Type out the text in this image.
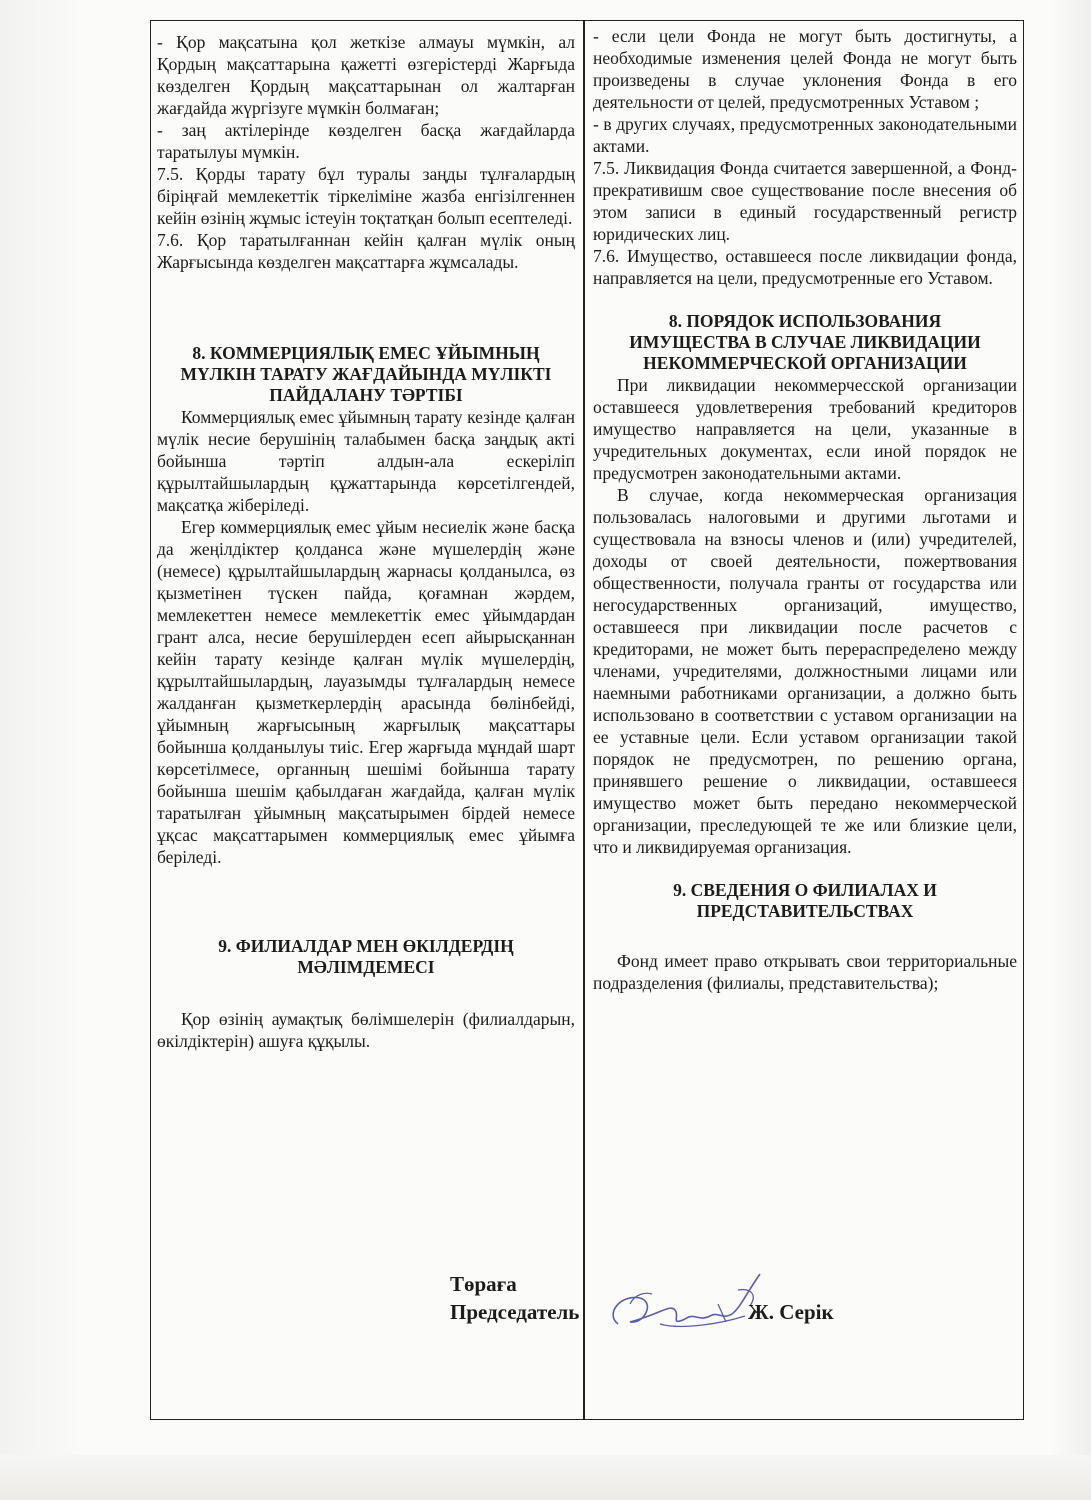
- Қор мақсатына қол жеткізе алмауы мүмкін, ал Қордың мақсаттарына қажетті өзгерістерді Жарғыда көзделген Қордың мақсаттарынан ол жалтарған жағдайда жүргізуге мүмкін болмаған;

- заң актілерінде көзделген басқа жағдайларда таратылуы мүмкін.

7.5. Қорды тарату бұл туралы заңды тұлғалардың біріңғай мемлекеттік тіркеліміне жазба енгізілгеннен кейін өзінің жұмыс істеуін тоқтатқан болып есептеледі.

7.6. Қор таратылғаннан кейін қалған мүлік оның Жарғысында көзделген мақсаттарға жұмсалады.

8. КОММЕРЦИЯЛЫҚ ЕМЕС ҰЙЫМНЫҢ МҮЛКІН ТАРАТУ ЖАҒДАЙЫНДА МҮЛІКТІ ПАЙДАЛАНУ ТӘРТІБІ

Коммерциялық емес ұйымның тарату кезінде қалған мүлік несие берушінің талабымен басқа заңдық акті бойынша тәртіп алдын-ала ескеріліп құрылтайшылардың құжаттарында көрсетілгендей, мақсатқа жіберіледі.

Егер коммерциялық емес ұйым несиелік және басқа да жеңілдіктер қолданса және мүшелердің және (немесе) құрылтайшылардың жарнасы қолданылса, өз қызметінен түскен пайда, қоғамнан жәрдем, мемлекеттен немесе мемлекеттік емес ұйымдардан грант алса, несие берушілерден есеп айырысқаннан кейін тарату кезінде қалған мүлік мүшелердің, құрылтайшылардың, лауазымды тұлғалардың немесе жалданған қызметкерлердің арасында бөлінбейді, ұйымның жарғысының жарғылық мақсаттары бойынша қолданылуы тиіс. Егер жарғыда мұндай шарт көрсетілмесе, органның шешімі бойынша тарату бойынша шешім қабылдаған жағдайда, қалған мүлік таратылған ұйымның мақсатырымен бірдей немесе ұқсас мақсаттарымен коммерциялық емес ұйымға беріледі.

9. ФИЛИАЛДАР МЕН ӨКІЛДЕРДІҢ МӘЛІМДЕМЕСІ

Қор өзінің аумақтық бөлімшелерін (филиалдарын, өкілдіктерін) ашуға құқылы.

- если цели Фонда не могут быть достигнуты, а необходимые изменения целей Фонда не могут быть произведены в случае уклонения Фонда в его деятельности от целей, предусмотренных Уставом ;

- в других случаях, предусмотренных законодательными актами.

7.5. Ликвидация Фонда считается завершенной, а Фонд-прекративишм свое существование после внесения об этом записи в единый государственный регистр юридических лиц.

7.6. Имущество, оставшееся после ликвидации фонда, направляется на цели, предусмотренные его Уставом.

8. ПОРЯДОК ИСПОЛЬЗОВАНИЯ ИМУЩЕСТВА В СЛУЧАЕ ЛИКВИДАЦИИ НЕКОММЕРЧЕСКОЙ ОРГАНИЗАЦИИ

При ликвидации некоммерчесской организации оставшееся удовлетверения требований кредиторов имущество направляется на цели, указанные в учредительных документах, если иной порядок не предусмотрен законодательными актами.

В случае, когда некоммерческая организация пользовалась налоговыми и другими льготами и существовала на взносы членов и (или) учредителей, доходы от своей деятельности, пожертвования общественности, получала гранты от государства или негосударственных организаций, имущество, оставшееся при ликвидации после расчетов с кредиторами, не может быть перераспределено между членами, учредителями, должностными лицами или наемными работниками организации, а должно быть использовано в соответствии с уставом организации на ее уставные цели. Если уставом организации такой порядок не предусмотрен, по решению органа, принявшего решение о ликвидации, оставшееся имущество может быть передано некоммерческой организации, преследующей те же или близкие цели, что и ликвидируемая организация.

9. СВЕДЕНИЯ О ФИЛИАЛАХ И ПРЕДСТАВИТЕЛЬСТВАХ

Фонд имеет право открывать свои территориальные подразделения (филиалы, представительства);

Төраға
Председатель	Ж. Серік
